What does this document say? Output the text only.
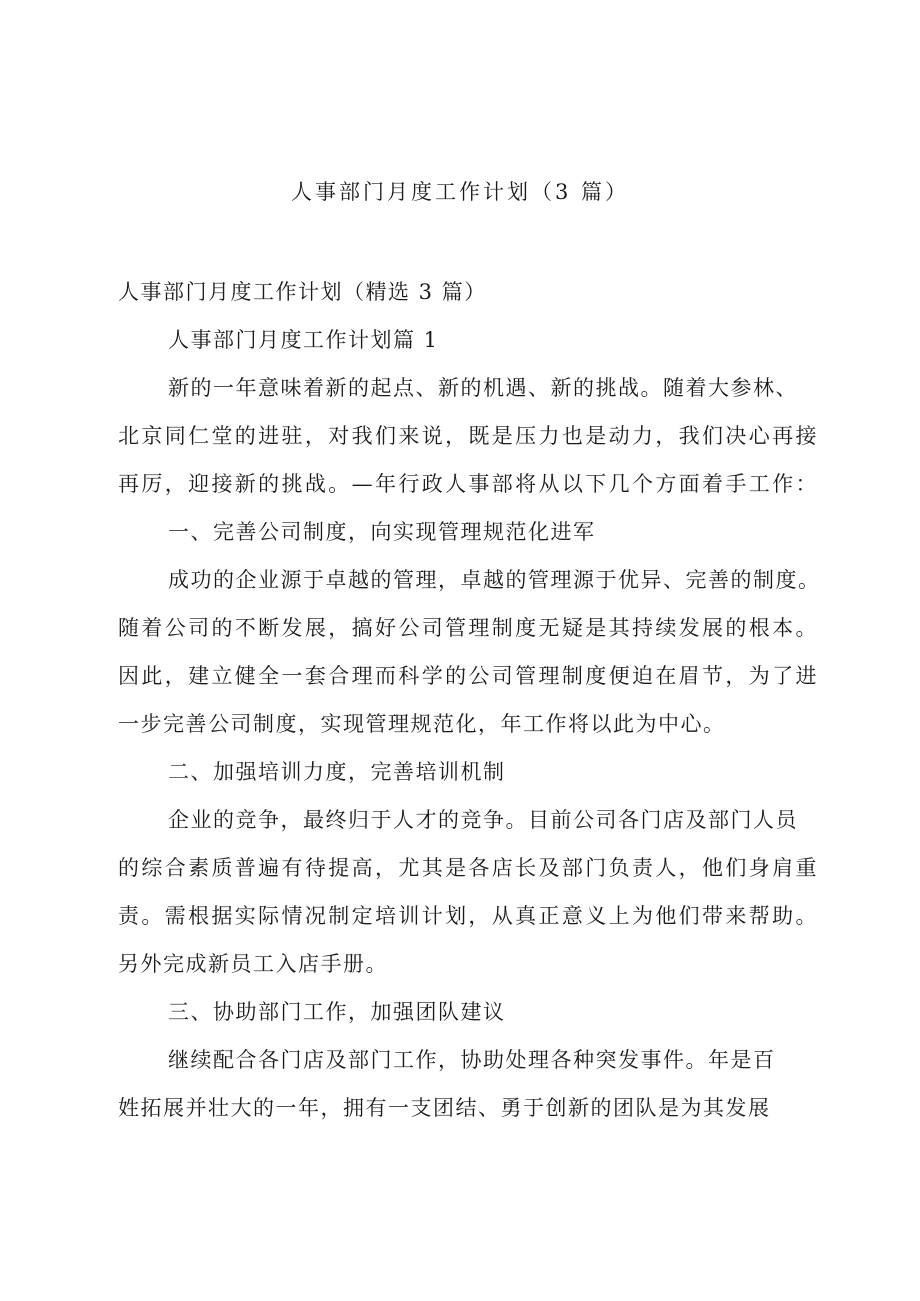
人事部门月度工作计划（3 篇）
人事部门月度工作计划（精选 3 篇）
人事部门月度工作计划篇 1
新的一年意味着新的起点、新的机遇、新的挑战。随着大参林、
北京同仁堂的进驻，对我们来说，既是压力也是动力，我们决心再接
再厉，迎接新的挑战。—年行政人事部将从以下几个方面着手工作：
一、完善公司制度，向实现管理规范化进军
成功的企业源于卓越的管理，卓越的管理源于优异、完善的制度。
随着公司的不断发展，搞好公司管理制度无疑是其持续发展的根本。
因此，建立健全一套合理而科学的公司管理制度便迫在眉节，为了进
一步完善公司制度，实现管理规范化，年工作将以此为中心。
二、加强培训力度，完善培训机制
企业的竞争，最终归于人才的竞争。目前公司各门店及部门人员
的综合素质普遍有待提高，尤其是各店长及部门负责人，他们身肩重
责。需根据实际情况制定培训计划，从真正意义上为他们带来帮助。
另外完成新员工入店手册。
三、协助部门工作，加强团队建议
继续配合各门店及部门工作，协助处理各种突发事件。年是百
姓拓展并壮大的一年，拥有一支团结、勇于创新的团队是为其发展
